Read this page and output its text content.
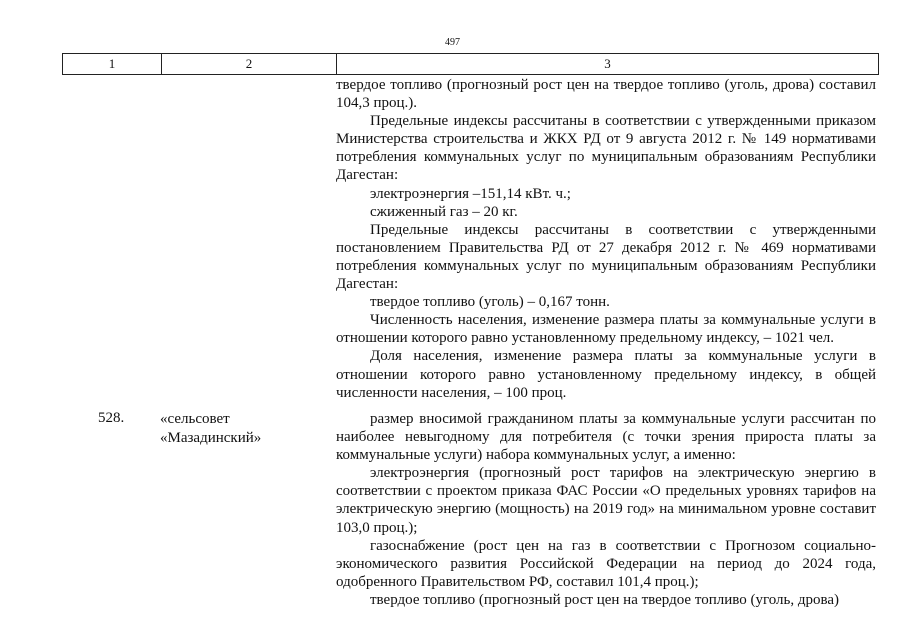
497
1	2	3

твердое топливо (прогнозный рост цен на твердое топливо (уголь, дрова) составил 104,3 проц.).

Предельные индексы рассчитаны в соответствии с утвержденными приказом Министерства строительства и ЖКХ РД от 9 августа 2012 г. № 149 нормативами потребления коммунальных услуг по муниципальным образованиям Республики Дагестан:

электроэнергия –151,14 кВт. ч.;

сжиженный газ – 20 кг.

Предельные индексы рассчитаны в соответствии с утвержденными постановлением Правительства РД от 27 декабря 2012 г. № 469 нормативами потребления коммунальных услуг по муниципальным образованиям Республики Дагестан:

твердое топливо (уголь) – 0,167 тонн.

Численность населения, изменение размера платы за коммунальные услуги в отношении которого равно установленному предельному индексу, – 1021 чел.

Доля населения, изменение размера платы за коммунальные услуги в отношении которого равно установленному предельному индексу, в общей численности населения, – 100 проц.

528. «сельсовет
«Мазадинский»

размер вносимой гражданином платы за коммунальные услуги рассчитан по наиболее невыгодному для потребителя (с точки зрения прироста платы за коммунальные услуги) набора коммунальных услуг, а именно:

электроэнергия (прогнозный рост тарифов на электрическую энергию в соответствии с проектом приказа ФАС России «О предельных уровнях тарифов на электрическую энергию (мощность) на 2019 год» на минимальном уровне составит 103,0 проц.);

газоснабжение (рост цен на газ в соответствии с Прогнозом социально-экономического развития Российской Федерации на период до 2024 года, одобренного Правительством РФ, составил 101,4 проц.);

твердое топливо (прогнозный рост цен на твердое топливо (уголь, дрова)
